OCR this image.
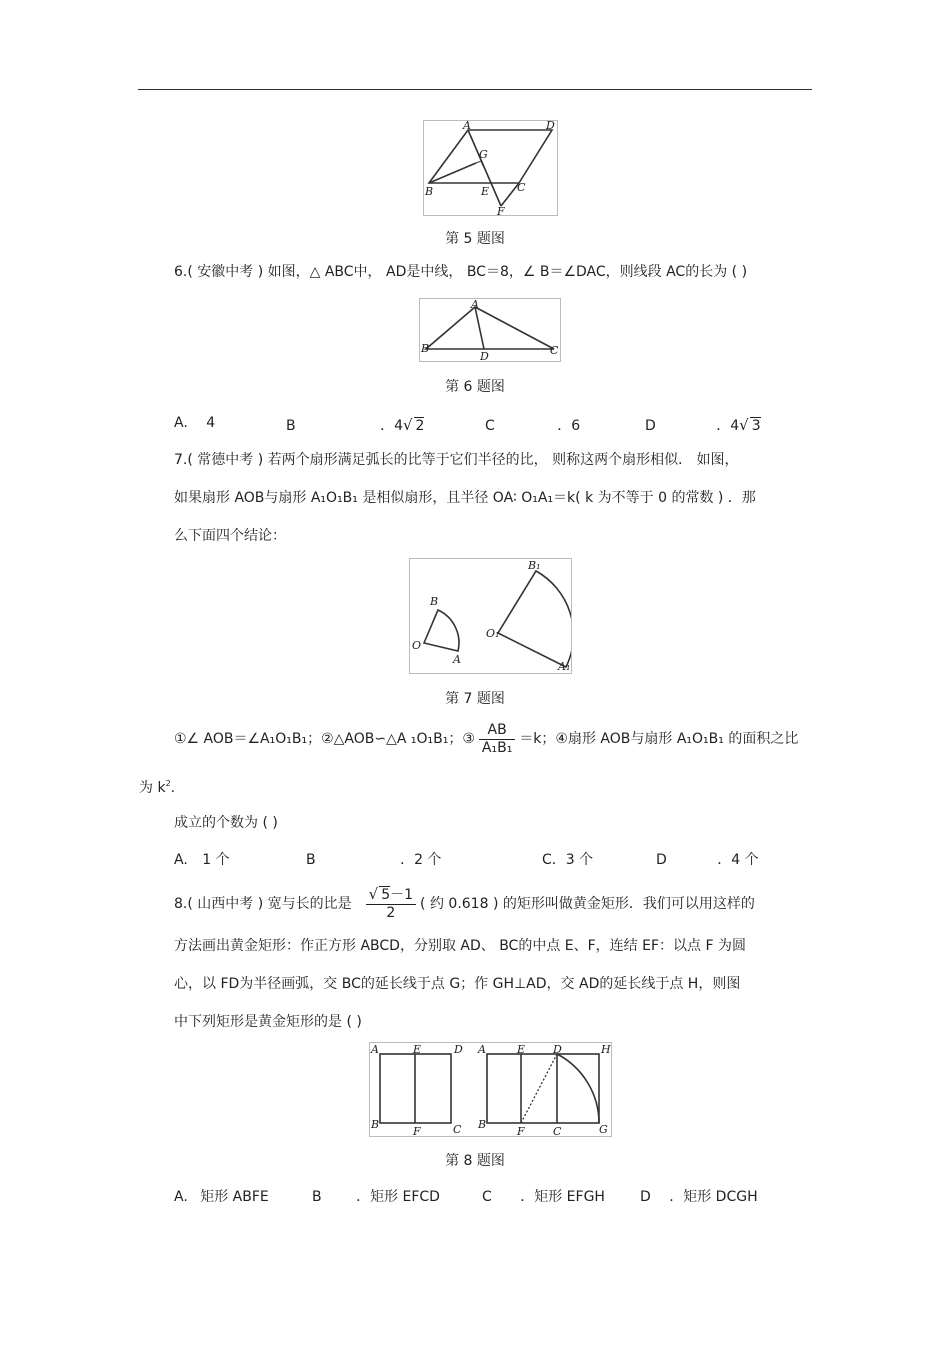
A	D
G
B	E	C
F
第 5 题图
6.( 安徽中考 ) 如图，△ ABC中， AD是中线， BC＝8，∠ B＝∠DAC，则线段 AC的长为 ( )
A
B
D	C
第 6 题图
A. 4	B	．4√ 2	C	．6	D	．4√ 3
7.( 常德中考 ) 若两个扇形满足弧长的比等于它们半径的比， 则称这两个扇形相似． 如图，
如果扇形 AOB与扇形 A₁O₁B₁ 是相似扇形，且半径 OA∶ O₁A₁＝k( k 为不等于 0 的常数 ) ．那
么下面四个结论：
B
O
A
B₁
O₁
A₁
第 7 题图
①∠ AOB＝∠A₁O₁B₁；②△AOB∽△A ₁O₁B₁；③ $\frac{AB}{\text{A₁B₁}} =k$；④扇形 AOB与扇形 A₁O₁B₁ 的面积之比
为 $k^2$.
成立的个数为 ( )
A. 1 个	B	．2 个	C．3 个	D	．4 个
8.( 山西中考 ) 宽与长的比是 $\frac{√ 5-1}{2}$ ( 约 0.618 ) 的矩形叫做黄金矩形．我们可以用这样的
方法画出黄金矩形：作正方形 ABCD，分别取 AD、 BC的中点 E、F，连结 EF：以点 F 为圆
心，以 FD为半径画弧，交 BC的延长线于点 G；作 GH⊥AD，交 AD的延长线于点 H，则图
中下列矩形是黄金矩形的是 ( )
A	E	D
B
F	C
A	E	D	H
B
F	C	G
第 8 题图
A. 矩形 ABFE	B ．矩形 EFCD	C ．矩形 EFGH	D ．矩形 DCGH
